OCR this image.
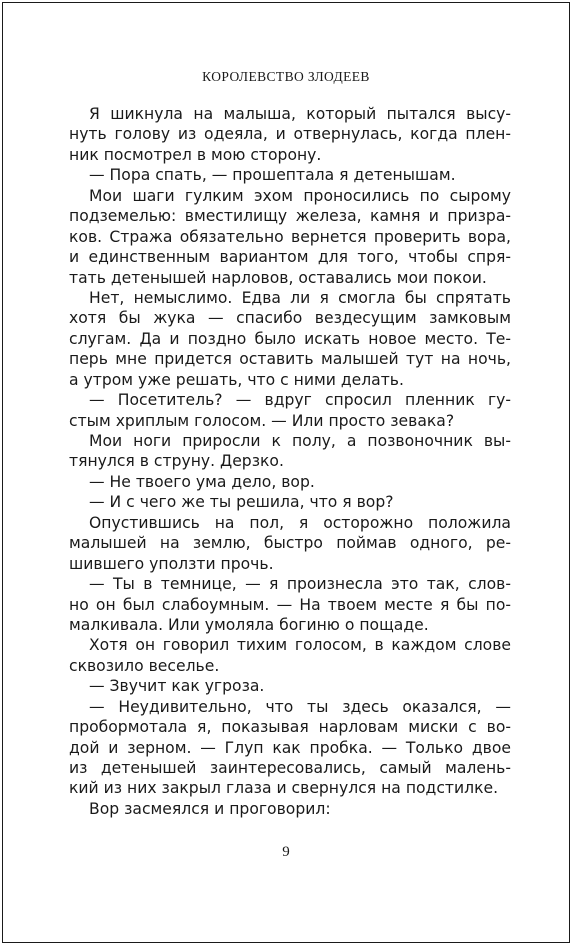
КОРОЛЕВСТВО ЗЛОДЕЕВ
Я шикнула на малыша, который пытался высу-
нуть голову из одеяла, и отвернулась, когда плен-
ник посмотрел в мою сторону.
— Пора спать, — прошептала я детенышам.
Мои шаги гулким эхом проносились по сырому
подземелью: вместилищу железа, камня и призра-
ков. Стража обязательно вернется проверить вора,
и единственным вариантом для того, чтобы спря-
тать детенышей нарловов, оставались мои покои.
Нет, немыслимо. Едва ли я смогла бы спрятать
хотя бы жука — спасибо вездесущим замковым
слугам. Да и поздно было искать новое место. Те-
перь мне придется оставить малышей тут на ночь,
а утром уже решать, что с ними делать.
— Посетитель? — вдруг спросил пленник гу-
стым хриплым голосом. — Или просто зевака?
Мои ноги приросли к полу, а позвоночник вы-
тянулся в струну. Дерзко.
— Не твоего ума дело, вор.
— И с чего же ты решила, что я вор?
Опустившись на пол, я осторожно положила
малышей на землю, быстро поймав одного, ре-
шившего уползти прочь.
— Ты в темнице, — я произнесла это так, слов-
но он был слабоумным. — На твоем месте я бы по-
малкивала. Или умоляла богиню о пощаде.
Хотя он говорил тихим голосом, в каждом слове
сквозило веселье.
— Звучит как угроза.
— Неудивительно, что ты здесь оказался, —
пробормотала я, показывая нарловам миски с во-
дой и зерном. — Глуп как пробка. — Только двое
из детенышей заинтересовались, самый малень-
кий из них закрыл глаза и свернулся на подстилке.
Вор засмеялся и проговорил:
9
